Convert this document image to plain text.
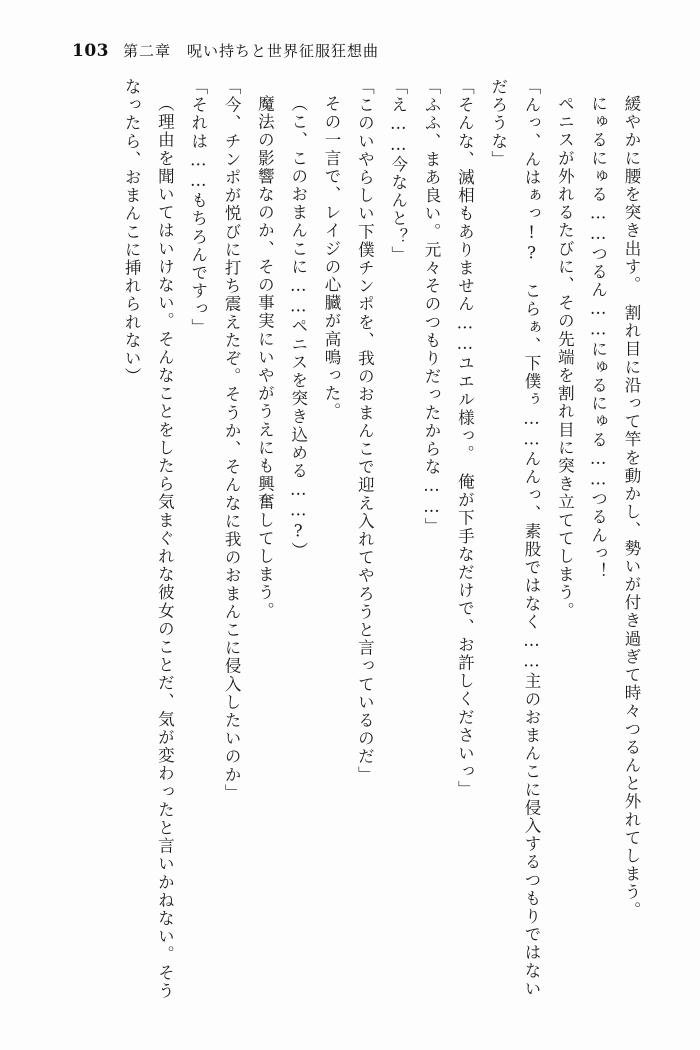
103 第二章　呪い持ちと世界征服狂想曲

緩やかに腰を突き出す。　割れ目に沿って竿を動かし、勢いが付き過ぎて時々つるんと外れてしまう。

にゅるにゅる……つるん……にゅるにゅる……つるんっ！

ペニスが外れるたびに、その先端を割れ目に突き立ててしまう。

「んっ、んはぁっ!?　こらぁ、下僕ぅ……んんっ、素股ではなく……主のおまんこに侵入するつもりではないだろうな」

「そんな、滅相もありません……ユエル様っ。　俺が下手なだけで、お許しくださいっ」

「ふふ、まあ良い。元々そのつもりだったからな……」

「え……今なんと？」

「このいやらしい下僕チンポを、我のおまんこで迎え入れてやろうと言っているのだ」

その一言で、レイジの心臓が高鳴った。

（こ、このおまんこに……ペニスを突き込める……?）

魔法の影響なのか、その事実にいやがうえにも興奮してしまう。

「今、チンポが悦びに打ち震えたぞ。そうか、そんなに我のおまんこに侵入したいのか」

「それは……もちろんですっ」

（理由を聞いてはいけない。そんなことをしたら気まぐれな彼女のことだ、気が変わったと言いかねない。そうなったら、おまんこに挿れられない）
